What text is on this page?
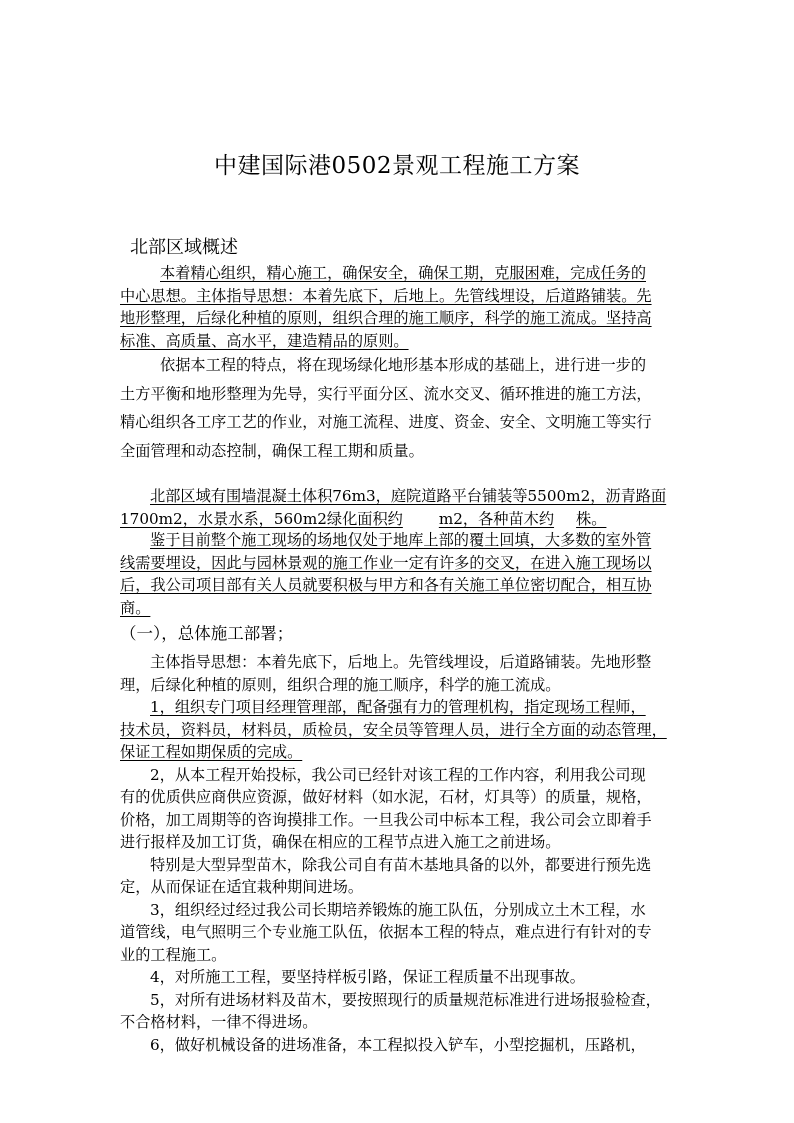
中建国际港0502景观工程施工方案
北部区域概述
本着精心组织，精心施工，确保安全，确保工期，克服困难，完成任务的
中心思想。主体指导思想：本着先底下，后地上。先管线埋设，后道路铺装。先
地形整理，后绿化种植的原则，组织合理的施工顺序，科学的施工流成。坚持高
标准、高质量、高水平，建造精品的原则。
依据本工程的特点，将在现场绿化地形基本形成的基础上，进行进一步的
土方平衡和地形整理为先导，实行平面分区、流水交叉、循环推进的施工方法，
精心组织各工序工艺的作业，对施工流程、进度、资金、安全、文明施工等实行
全面管理和动态控制，确保工程工期和质量。
北部区域有围墙混凝土体积76m3，庭院道路平台铺装等5500m2，沥青路面
1700m2，水景水系，560m2绿化面积约 m2，各种苗木约 株。
鉴于目前整个施工现场的场地仅处于地库上部的覆土回填，大多数的室外管
线需要埋设，因此与园林景观的施工作业一定有许多的交叉，在进入施工现场以
后，我公司项目部有关人员就要积极与甲方和各有关施工单位密切配合，相互协
商。
（一），总体施工部署；
主体指导思想：本着先底下，后地上。先管线埋设，后道路铺装。先地形整
理，后绿化种植的原则，组织合理的施工顺序，科学的施工流成。
1，组织专门项目经理管理部，配备强有力的管理机构，指定现场工程师，
技术员，资料员，材料员，质检员，安全员等管理人员，进行全方面的动态管理，
保证工程如期保质的完成。
2，从本工程开始投标，我公司已经针对该工程的工作内容，利用我公司现
有的优质供应商供应资源，做好材料（如水泥，石材，灯具等）的质量，规格，
价格，加工周期等的咨询摸排工作。一旦我公司中标本工程，我公司会立即着手
进行报样及加工订货，确保在相应的工程节点进入施工之前进场。
特别是大型异型苗木，除我公司自有苗木基地具备的以外，都要进行预先选
定，从而保证在适宜栽种期间进场。
3，组织经过经过我公司长期培养锻炼的施工队伍，分别成立土木工程，水
道管线，电气照明三个专业施工队伍，依据本工程的特点，难点进行有针对的专
业的工程施工。
4，对所施工工程，要坚持样板引路，保证工程质量不出现事故。
5，对所有进场材料及苗木，要按照现行的质量规范标准进行进场报验检查，
不合格材料，一律不得进场。
6，做好机械设备的进场准备，本工程拟投入铲车，小型挖掘机，压路机，
